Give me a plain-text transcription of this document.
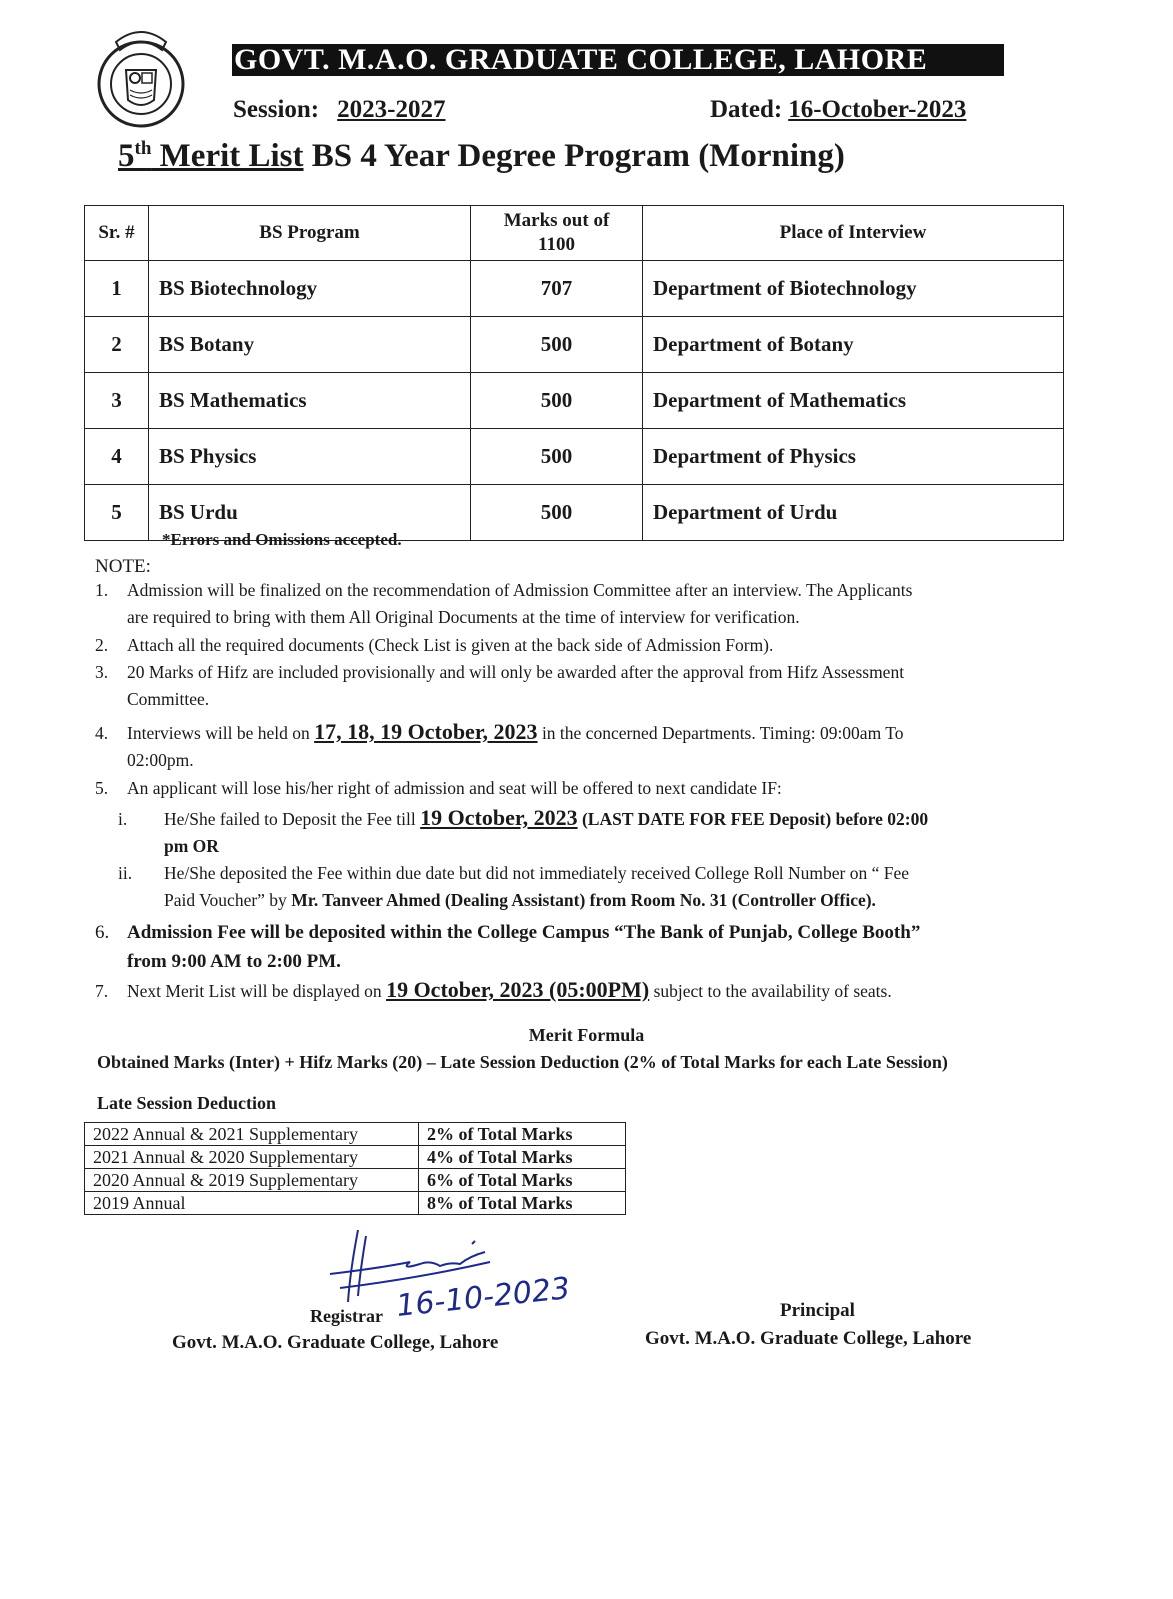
GOVT. M.A.O. GRADUATE COLLEGE, LAHORE
Session: 2023-2027	Dated: 16-October-2023
5th Merit List BS 4 Year Degree Program (Morning)
Sr. #	BS Program	Marks out of 1100	Place of Interview
1	BS Biotechnology	707	Department of Biotechnology
2	BS Botany	500	Department of Botany
3	BS Mathematics	500	Department of Mathematics
4	BS Physics	500	Department of Physics
5	BS Urdu	500	Department of Urdu
*Errors and Omissions accepted.
NOTE:
1. Admission will be finalized on the recommendation of Admission Committee after an interview. The Applicants
are required to bring with them All Original Documents at the time of interview for verification.
2. Attach all the required documents (Check List is given at the back side of Admission Form).
3. 20 Marks of Hifz are included provisionally and will only be awarded after the approval from Hifz Assessment
Committee.
4. Interviews will be held on 17, 18, 19 October, 2023 in the concerned Departments. Timing: 09:00am To
02:00pm.
5. An applicant will lose his/her right of admission and seat will be offered to next candidate IF:
i. He/She failed to Deposit the Fee till 19 October, 2023 (LAST DATE FOR FEE Deposit) before 02:00
pm OR
ii. He/She deposited the Fee within due date but did not immediately received College Roll Number on “ Fee
Paid Voucher” by Mr. Tanveer Ahmed (Dealing Assistant) from Room No. 31 (Controller Office).
6. Admission Fee will be deposited within the College Campus “The Bank of Punjab, College Booth”
from 9:00 AM to 2:00 PM.
7. Next Merit List will be displayed on 19 October, 2023 (05:00PM) subject to the availability of seats.
Merit Formula
Obtained Marks (Inter) + Hifz Marks (20) – Late Session Deduction (2% of Total Marks for each Late Session)
Late Session Deduction
2022 Annual & 2021 Supplementary	2% of Total Marks
2021 Annual & 2020 Supplementary	4% of Total Marks
2020 Annual & 2019 Supplementary	6% of Total Marks
2019 Annual	8% of Total Marks
16-10-2023
Registrar
Govt. M.A.O. Graduate College, Lahore
Principal
Govt. M.A.O. Graduate College, Lahore
